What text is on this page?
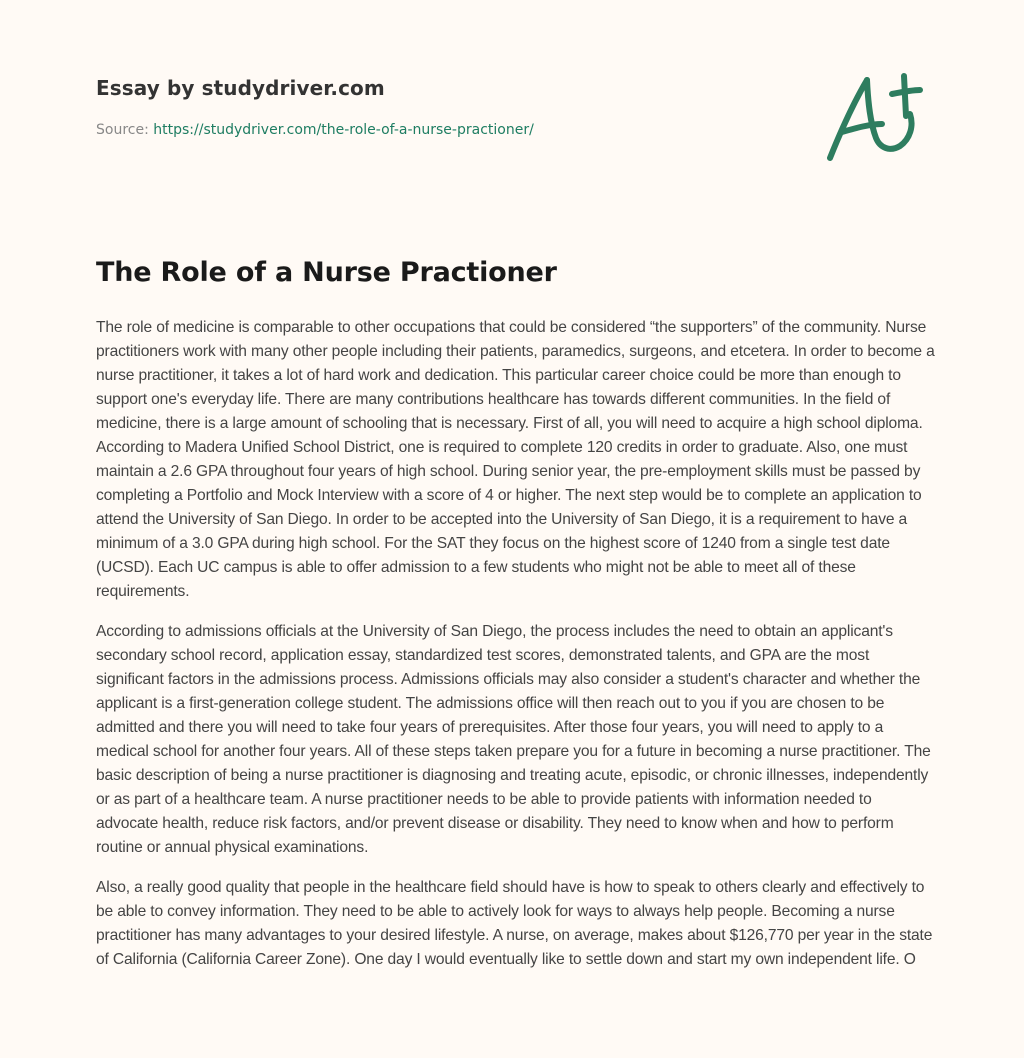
Essay by studydriver.com
Source: https://studydriver.com/the-role-of-a-nurse-practioner/
The Role of a Nurse Practioner

The role of medicine is comparable to other occupations that could be considered “the supporters” of the community. Nurse practitioners work with many other people including their patients, paramedics, surgeons, and etcetera. In order to become a nurse practitioner, it takes a lot of hard work and dedication. This particular career choice could be more than enough to support one's everyday life. There are many contributions healthcare has towards different communities. In the field of medicine, there is a large amount of schooling that is necessary. First of all, you will need to acquire a high school diploma. According to Madera Unified School District, one is required to complete 120 credits in order to graduate. Also, one must maintain a 2.6 GPA throughout four years of high school. During senior year, the pre-employment skills must be passed by completing a Portfolio and Mock Interview with a score of 4 or higher. The next step would be to complete an application to attend the University of San Diego. In order to be accepted into the University of San Diego, it is a requirement to have a minimum of a 3.0 GPA during high school. For the SAT they focus on the highest score of 1240 from a single test date (UCSD). Each UC campus is able to offer admission to a few students who might not be able to meet all of these requirements.

According to admissions officials at the University of San Diego, the process includes the need to obtain an applicant's secondary school record, application essay, standardized test scores, demonstrated talents, and GPA are the most significant factors in the admissions process. Admissions officials may also consider a student's character and whether the applicant is a first-generation college student. The admissions office will then reach out to you if you are chosen to be admitted and there you will need to take four years of prerequisites. After those four years, you will need to apply to a medical school for another four years. All of these steps taken prepare you for a future in becoming a nurse practitioner. The basic description of being a nurse practitioner is diagnosing and treating acute, episodic, or chronic illnesses, independently or as part of a healthcare team. A nurse practitioner needs to be able to provide patients with information needed to advocate health, reduce risk factors, and/or prevent disease or disability. They need to know when and how to perform routine or annual physical examinations.

Also, a really good quality that people in the healthcare field should have is how to speak to others clearly and effectively to be able to convey information. They need to be able to actively look for ways to always help people. Becoming a nurse practitioner has many advantages to your desired lifestyle. A nurse, on average, makes about $126,770 per year in the state of California (California Career Zone). One day I would eventually like to settle down and start my own independent life. O
